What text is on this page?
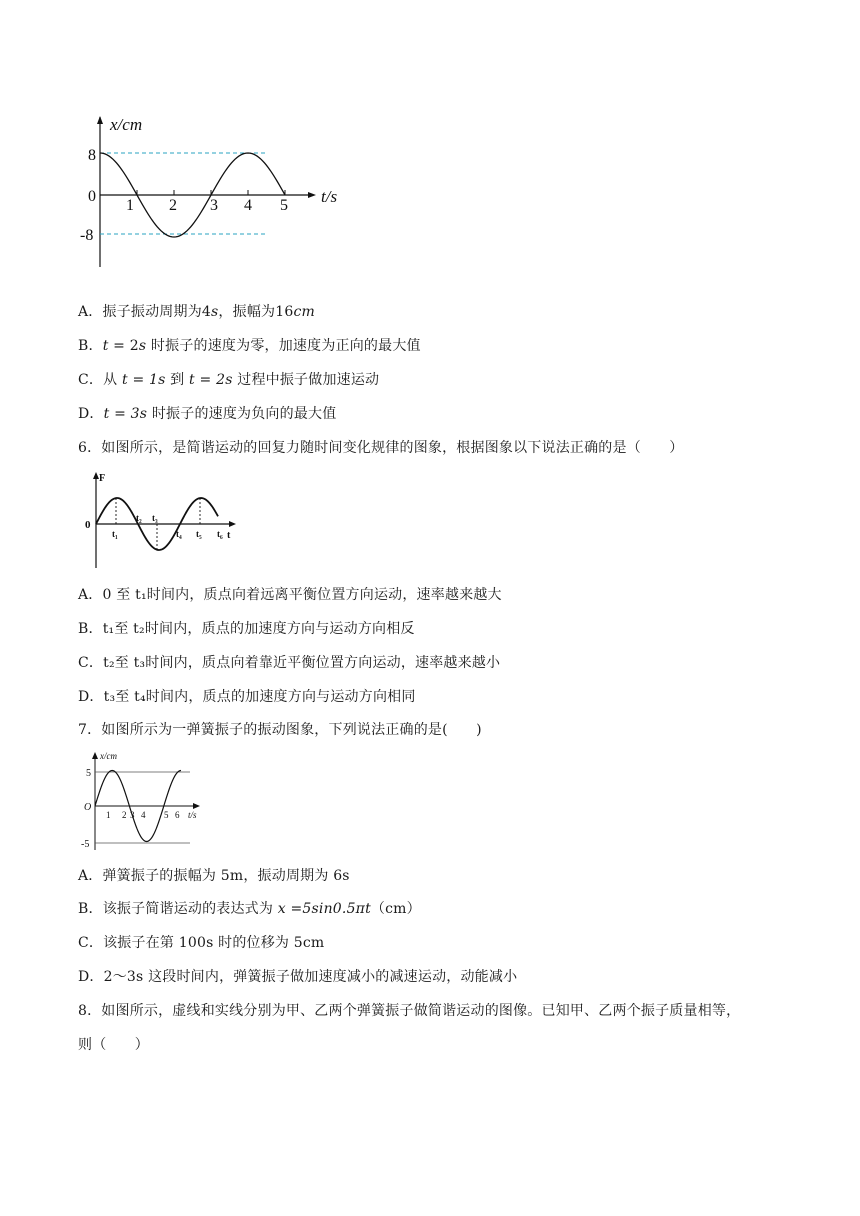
x/cm
8
0
-8
1 2 3 4 5 t/s
A．振子振动周期为4s，振幅为16cm
B．t = 2s 时振子的速度为零，加速度为正向的最大值
C．从 t = 1s 到 t = 2s 过程中振子做加速运动
D．t = 3s 时振子的速度为负向的最大值
6．如图所示，是简谐运动的回复力随时间变化规律的图象，根据图象以下说法正确的是（　　）
F
0
t₁
t₂ t₃
t₄ t₅ t₆ t
A．0 至 t₁时间内，质点向着远离平衡位置方向运动，速率越来越大
B．t₁至 t₂时间内，质点的加速度方向与运动方向相反
C．t₂至 t₃时间内，质点向着靠近平衡位置方向运动，速率越来越小
D．t₃至 t₄时间内，质点的加速度方向与运动方向相同
7．如图所示为一弹簧振子的振动图象，下列说法正确的是(　　)
x/cm
5
O
-5
1 2 3 4 5 6 t/s
A．弹簧振子的振幅为 5m，振动周期为 6s
B．该振子简谐运动的表达式为 x =5sin0.5πt（cm）
C．该振子在第 100s 时的位移为 5cm
D．2～3s 这段时间内，弹簧振子做加速度减小的减速运动，动能减小
8．如图所示，虚线和实线分别为甲、乙两个弹簧振子做简谐运动的图像。已知甲、乙两个振子质量相等，
则（　　）
